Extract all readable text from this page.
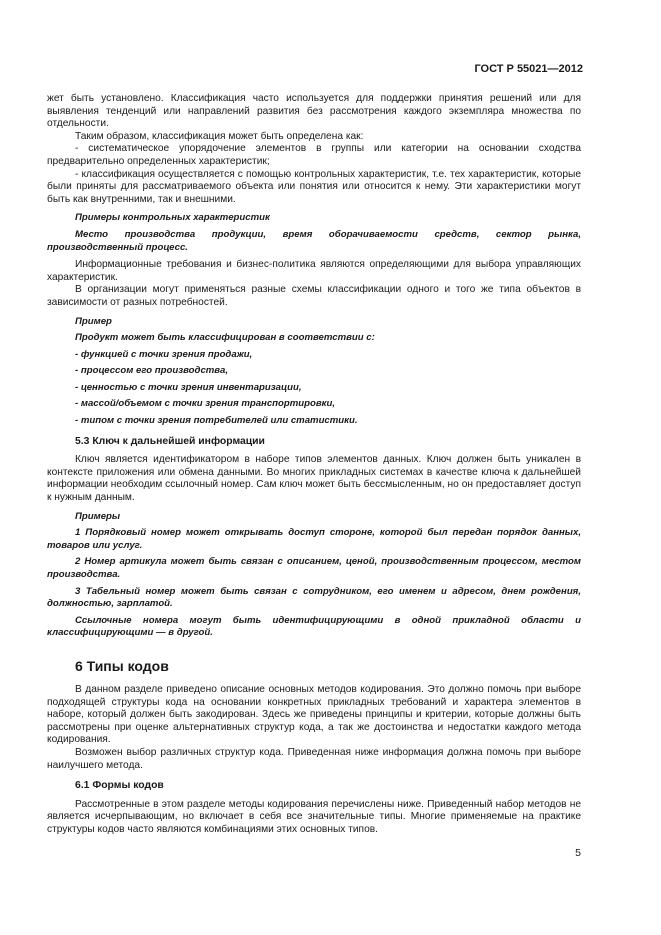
ГОСТ Р 55021—2012

жет быть установлено. Классификация часто используется для поддержки принятия решений или для выявления тенденций или направлений развития без рассмотрения каждого экземпляра множества по отдельности.

Таким образом, классификация может быть определена как:

- систематическое упорядочение элементов в группы или категории на основании сходства предварительно определенных характеристик;

- классификация осуществляется с помощью контрольных характеристик, т.е. тех характеристик, которые были приняты для рассматриваемого объекта или понятия или относится к нему. Эти характеристики могут быть как внутренними, так и внешними.

Примеры контрольных характеристик

Место производства продукции, время оборачиваемости средств, сектор рынка, производственный процесс.

Информационные требования и бизнес-политика являются определяющими для выбора управляющих характеристик.

В организации могут применяться разные схемы классификации одного и того же типа объектов в зависимости от разных потребностей.

Пример

Продукт может быть классифицирован в соответствии с:

- функцией с точки зрения продажи,

- процессом его производства,

- ценностью с точки зрения инвентаризации,

- массой/объемом с точки зрения транспортировки,

- типом с точки зрения потребителей или статистики.

5.3 Ключ к дальнейшей информации

Ключ является идентификатором в наборе типов элементов данных. Ключ должен быть уникален в контексте приложения или обмена данными. Во многих прикладных системах в качестве ключа к дальнейшей информации необходим ссылочный номер. Сам ключ может быть бессмысленным, но он предоставляет доступ к нужным данным.

Примеры

1 Порядковый номер может открывать доступ стороне, которой был передан порядок данных, товаров или услуг.

2 Номер артикула может быть связан с описанием, ценой, производственным процессом, местом производства.

3 Табельный номер может быть связан с сотрудником, его именем и адресом, днем рождения, должностью, зарплатой.

Ссылочные номера могут быть идентифицирующими в одной прикладной области и классифицирующими — в другой.

6 Типы кодов

В данном разделе приведено описание основных методов кодирования. Это должно помочь при выборе подходящей структуры кода на основании конкретных прикладных требований и характера элементов в наборе, который должен быть закодирован. Здесь же приведены принципы и критерии, которые должны быть рассмотрены при оценке альтернативных структур кода, а так же достоинства и недостатки каждого метода кодирования.

Возможен выбор различных структур кода. Приведенная ниже информация должна помочь при выборе наилучшего метода.

6.1 Формы кодов

Рассмотренные в этом разделе методы кодирования перечислены ниже. Приведенный набор методов не является исчерпывающим, но включает в себя все значительные типы. Многие применяемые на практике структуры кодов часто являются комбинациями этих основных типов.

5
